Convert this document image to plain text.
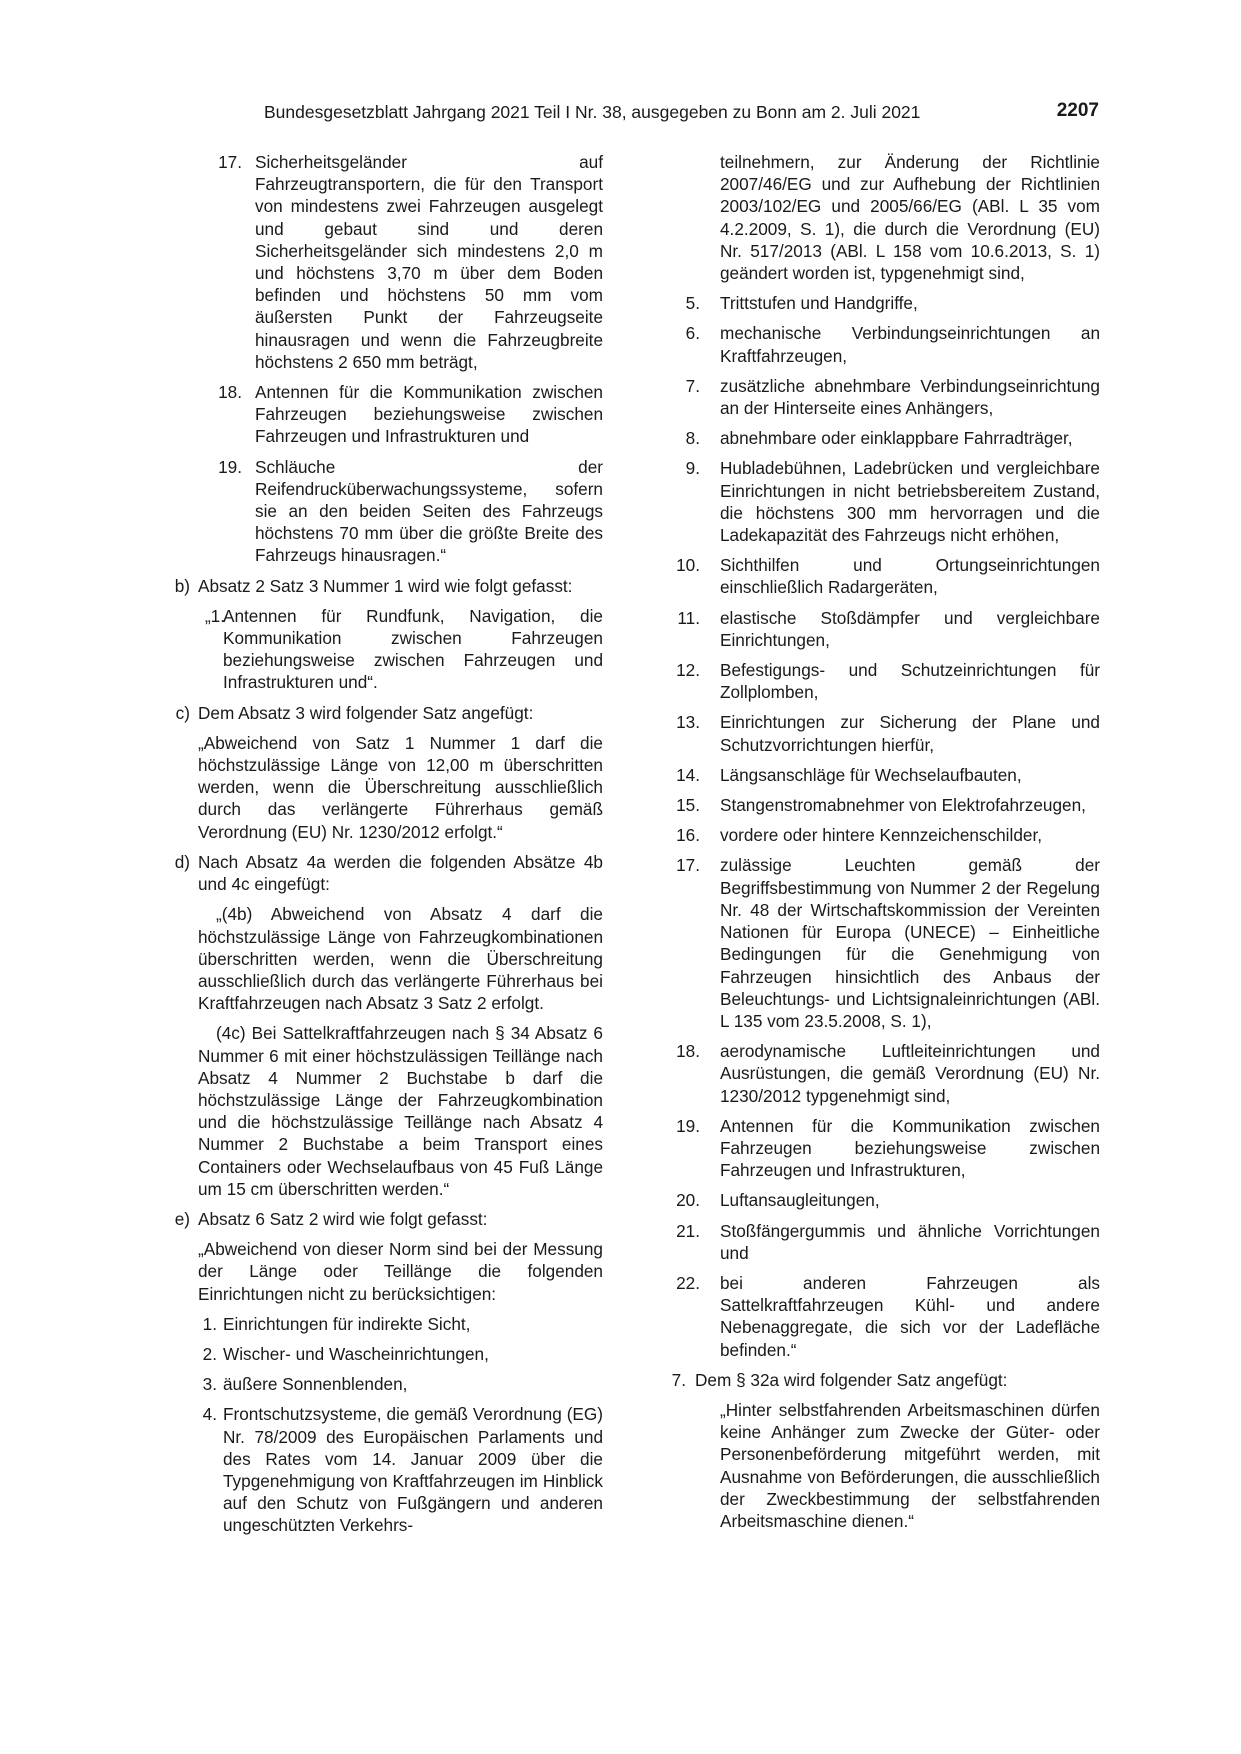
Bundesgesetzblatt Jahrgang 2021 Teil I Nr. 38, ausgegeben zu Bonn am 2. Juli 2021	2207
17. Sicherheitsgeländer auf Fahrzeugtransportern, die für den Transport von mindestens zwei Fahrzeugen ausgelegt und gebaut sind und deren Sicherheitsgeländer sich mindestens 2,0 m und höchstens 3,70 m über dem Boden befinden und höchstens 50 mm vom äußersten Punkt der Fahrzeugseite hinausragen und wenn die Fahrzeugbreite höchstens 2 650 mm beträgt,
18. Antennen für die Kommunikation zwischen Fahrzeugen beziehungsweise zwischen Fahrzeugen und Infrastrukturen und
19. Schläuche der Reifendrucküberwachungssysteme, sofern sie an den beiden Seiten des Fahrzeugs höchstens 70 mm über die größte Breite des Fahrzeugs hinausragen.“
b) Absatz 2 Satz 3 Nummer 1 wird wie folgt gefasst:
„1.
Antennen für Rundfunk, Navigation, die Kommunikation zwischen Fahrzeugen beziehungsweise zwischen Fahrzeugen und Infrastrukturen und“.
c) Dem Absatz 3 wird folgender Satz angefügt:
„Abweichend von Satz 1 Nummer 1 darf die höchstzulässige Länge von 12,00 m überschritten werden, wenn die Überschreitung ausschließlich durch das verlängerte Führerhaus gemäß Verordnung (EU) Nr. 1230/2012 erfolgt.“
d) Nach Absatz 4a werden die folgenden Absätze 4b und 4c eingefügt:
„(4b) Abweichend von Absatz 4 darf die höchstzulässige Länge von Fahrzeugkombinationen überschritten werden, wenn die Überschreitung ausschließlich durch das verlängerte Führerhaus bei Kraftfahrzeugen nach Absatz 3 Satz 2 erfolgt.
(4c) Bei Sattelkraftfahrzeugen nach § 34 Absatz 6 Nummer 6 mit einer höchstzulässigen Teillänge nach Absatz 4 Nummer 2 Buchstabe b darf die höchstzulässige Länge der Fahrzeugkombination und die höchstzulässige Teillänge nach Absatz 4 Nummer 2 Buchstabe a beim Transport eines Containers oder Wechselaufbaus von 45 Fuß Länge um 15 cm überschritten werden.“
e) Absatz 6 Satz 2 wird wie folgt gefasst:
„Abweichend von dieser Norm sind bei der Messung der Länge oder Teillänge die folgenden Einrichtungen nicht zu berücksichtigen:
1. Einrichtungen für indirekte Sicht,
2. Wischer- und Wascheinrichtungen,
3. äußere Sonnenblenden,
4. Frontschutzsysteme, die gemäß Verordnung (EG) Nr. 78/2009 des Europäischen Parlaments und des Rates vom 14. Januar 2009 über die Typgenehmigung von Kraftfahrzeugen im Hinblick auf den Schutz von Fußgängern und anderen ungeschützten Verkehrs-
teilnehmern, zur Änderung der Richtlinie 2007/46/EG und zur Aufhebung der Richtlinien 2003/102/EG und 2005/66/EG (ABl. L 35 vom 4.2.2009, S. 1), die durch die Verordnung (EU) Nr. 517/2013 (ABl. L 158 vom 10.6.2013, S. 1) geändert worden ist, typgenehmigt sind,
5. Trittstufen und Handgriffe,
6. mechanische Verbindungseinrichtungen an Kraftfahrzeugen,
7. zusätzliche abnehmbare Verbindungseinrichtung an der Hinterseite eines Anhängers,
8. abnehmbare oder einklappbare Fahrradträger,
9. Hubladebühnen, Ladebrücken und vergleichbare Einrichtungen in nicht betriebsbereitem Zustand, die höchstens 300 mm hervorragen und die Ladekapazität des Fahrzeugs nicht erhöhen,
10. Sichthilfen und Ortungseinrichtungen einschließlich Radargeräten,
11. elastische Stoßdämpfer und vergleichbare Einrichtungen,
12. Befestigungs- und Schutzeinrichtungen für Zollplomben,
13. Einrichtungen zur Sicherung der Plane und Schutzvorrichtungen hierfür,
14. Längsanschläge für Wechselaufbauten,
15. Stangenstromabnehmer von Elektrofahrzeugen,
16. vordere oder hintere Kennzeichenschilder,
17. zulässige Leuchten gemäß der Begriffsbestimmung von Nummer 2 der Regelung Nr. 48 der Wirtschaftskommission der Vereinten Nationen für Europa (UNECE) – Einheitliche Bedingungen für die Genehmigung von Fahrzeugen hinsichtlich des Anbaus der Beleuchtungs- und Lichtsignaleinrichtungen (ABl. L 135 vom 23.5.2008, S. 1),
18. aerodynamische Luftleiteinrichtungen und Ausrüstungen, die gemäß Verordnung (EU) Nr. 1230/2012 typgenehmigt sind,
19. Antennen für die Kommunikation zwischen Fahrzeugen beziehungsweise zwischen Fahrzeugen und Infrastrukturen,
20. Luftansaugleitungen,
21. Stoßfängergummis und ähnliche Vorrichtungen und
22. bei anderen Fahrzeugen als Sattelkraftfahrzeugen Kühl- und andere Nebenaggregate, die sich vor der Ladefläche befinden.“
7. Dem § 32a wird folgender Satz angefügt:
„Hinter selbstfahrenden Arbeitsmaschinen dürfen keine Anhänger zum Zwecke der Güter- oder Personenbeförderung mitgeführt werden, mit Ausnahme von Beförderungen, die ausschließlich der Zweckbestimmung der selbstfahrenden Arbeitsmaschine dienen.“
